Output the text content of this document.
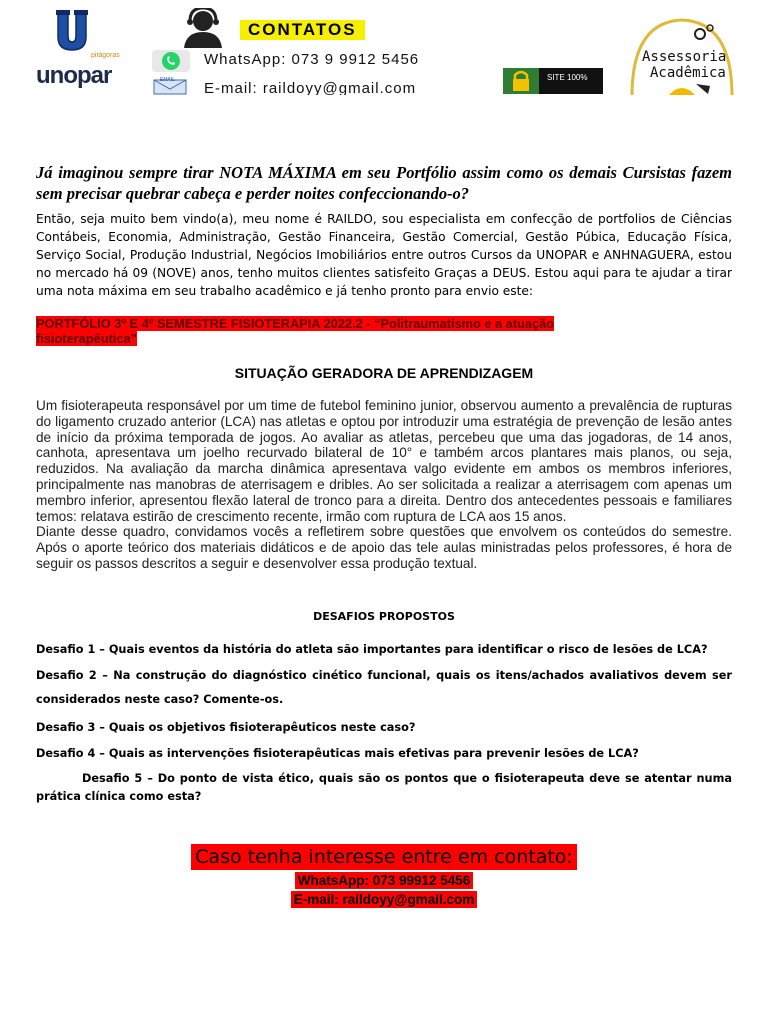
pitágoras
unopar
CONTATOS
WhatsApp: 073 9 9912 5456
EMAIL E-mail: raildoyy@gmail.com
SITE 100%
Assessoria
Acadêmica
Já imaginou sempre tirar NOTA MÁXIMA em seu Portfólio assim como os demais Cursistas fazem sem precisar quebrar cabeça e perder noites confeccionando-o?
Então, seja muito bem vindo(a), meu nome é RAILDO, sou especialista em confecção de portfolios de Ciências Contábeis, Economia, Administração, Gestão Financeira, Gestão Comercial, Gestão Púbica, Educação Física, Serviço Social, Produção Industrial, Negócios Imobiliários entre outros Cursos da UNOPAR e ANHNAGUERA, estou no mercado há 09 (NOVE) anos, tenho muitos clientes satisfeito Graças a DEUS. Estou aqui para te ajudar a tirar uma nota máxima em seu trabalho acadêmico e já tenho pronto para envio este:
PORTFÓLIO 3º E 4º SEMESTRE FISIOTERAPIA 2022.2 - “Politraumatismo e a atuação
fisioterapêutica”
SITUAÇÃO GERADORA DE APRENDIZAGEM

Um fisioterapeuta responsável por um time de futebol feminino junior, observou aumento a prevalência de rupturas do ligamento cruzado anterior (LCA) nas atletas e optou por introduzir uma estratégia de prevenção de lesão antes de início da próxima temporada de jogos. Ao avaliar as atletas, percebeu que uma das jogadoras, de 14 anos, canhota, apresentava um joelho recurvado bilateral de 10° e também arcos plantares mais planos, ou seja, reduzidos. Na avaliação da marcha dinâmica apresentava valgo evidente em ambos os membros inferiores, principalmente nas manobras de aterrisagem e dribles. Ao ser solicitada a realizar a aterrisagem com apenas um membro inferior, apresentou flexão lateral de tronco para a direita. Dentro dos antecedentes pessoais e familiares temos: relatava estirão de crescimento recente, irmão com ruptura de LCA aos 15 anos.

Diante desse quadro, convidamos vocês a refletirem sobre questões que envolvem os conteúdos do semestre. Após o aporte teórico dos materiais didáticos e de apoio das tele aulas ministradas pelos professores, é hora de seguir os passos descritos a seguir e desenvolver essa produção textual.

DESAFIOS PROPOSTOS
Desafio 1 – Quais eventos da história do atleta são importantes para identificar o risco de lesões de LCA?
Desafio 2 – Na construção do diagnóstico cinético funcional, quais os itens/achados avaliativos devem ser considerados neste caso? Comente-os.
Desafio 3 – Quais os objetivos fisioterapêuticos neste caso?
Desafio 4 – Quais as intervenções fisioterapêuticas mais efetivas para prevenir lesões de LCA?
Desafio 5 – Do ponto de vista ético, quais são os pontos que o fisioterapeuta deve se atentar numa prática clínica como esta?
Caso tenha interesse entre em contato:
WhatsApp: 073 99912 5456
E-mail: raildoyy@gmail.com
